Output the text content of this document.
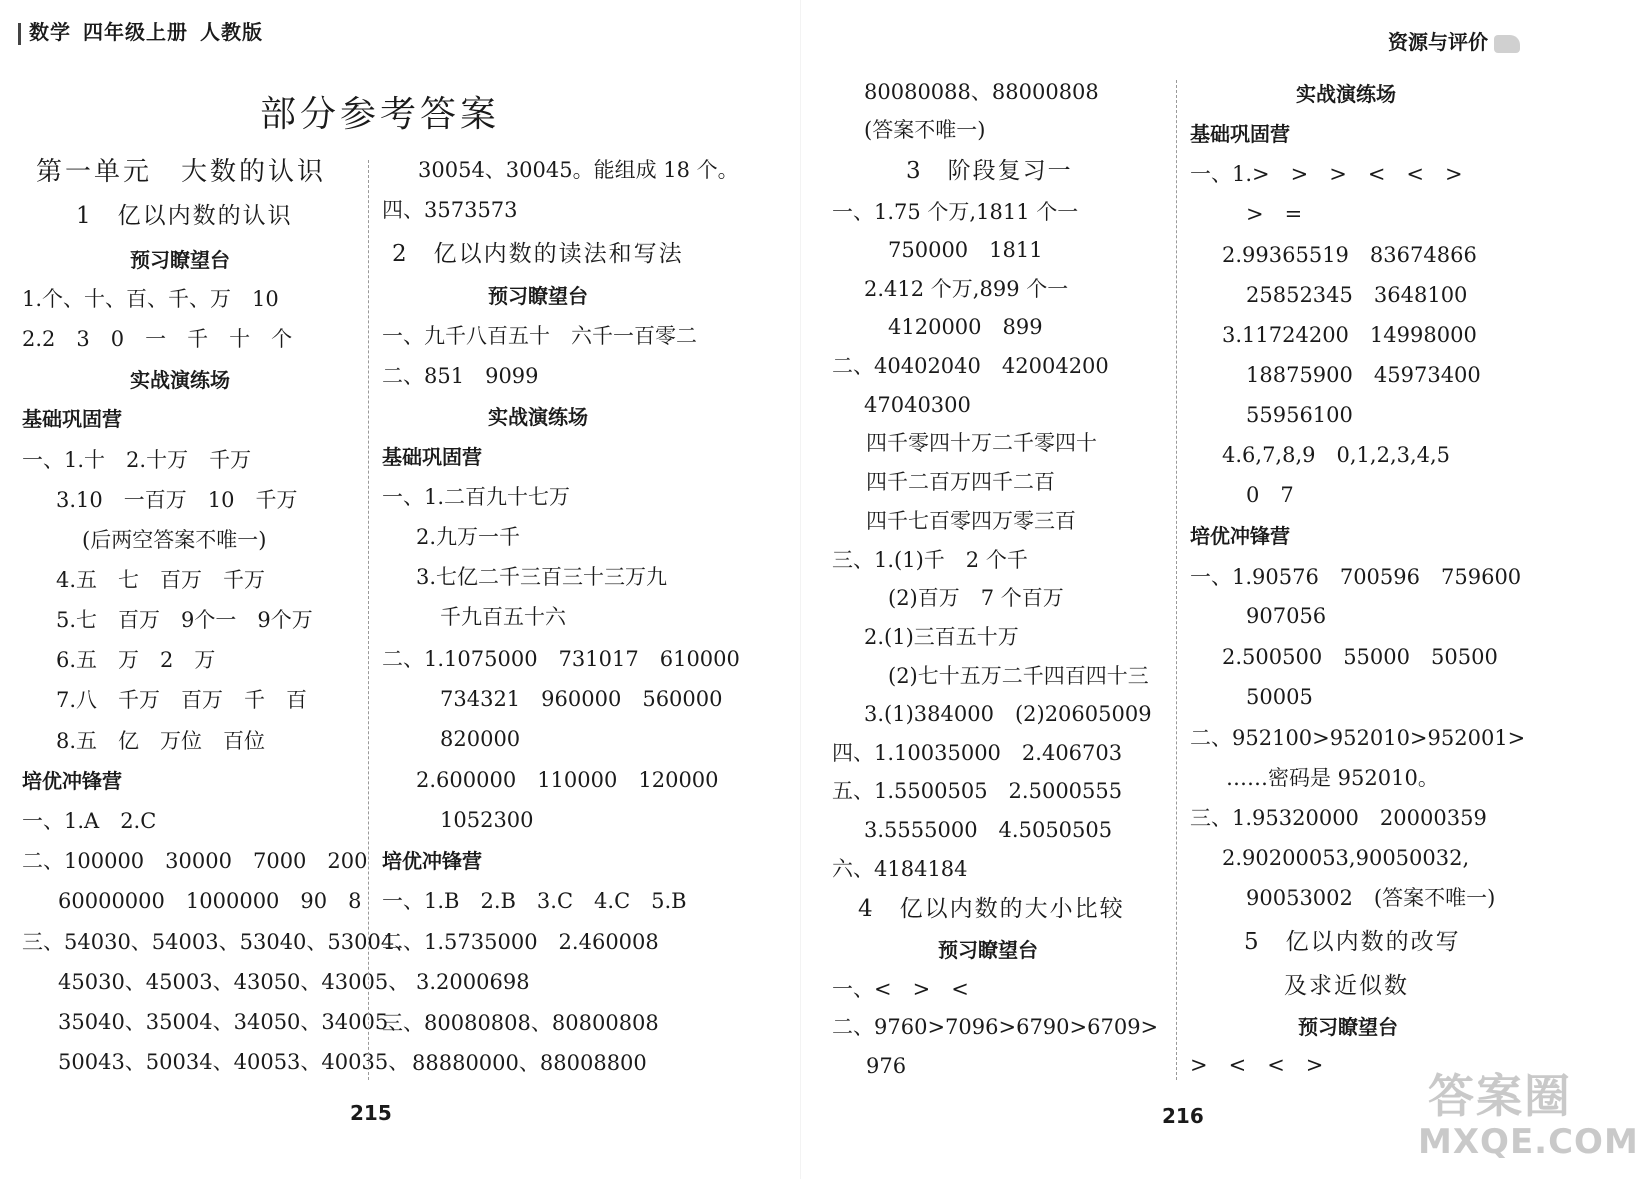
数学 四年级上册 人教版	资源与评价
部分参考答案
第一单元　大数的认识
1　亿以内数的认识
预习瞭望台
1.个、十、百、千、万　10
2.2　3　0　一　千　十　个
实战演练场
基础巩固营
一、1.十　2.十万　千万
3.10　一百万　10　千万
(后两空答案不唯一)
4.五　七　百万　千万
5.七　百万　9个一　9个万
6.五　万　2　万
7.八　千万　百万　千　百
8.五　亿　万位　百位
培优冲锋营
一、1.A　2.C
二、100000　30000　7000　200
60000000　1000000　90　8
三、54030、54003、53040、53004、
45030、45003、43050、43005、
35040、35004、34050、34005、
50043、50034、40053、40035、
30054、30045。能组成 18 个。
四、3573573
2　亿以内数的读法和写法
预习瞭望台
一、九千八百五十　六千一百零二
二、851　9099
实战演练场
基础巩固营
一、1.二百九十七万
2.九万一千
3.七亿二千三百三十三万九
千九百五十六
二、1.1075000　731017　610000
734321　960000　560000
820000
2.600000　110000　120000
1052300
培优冲锋营
一、1.B　2.B　3.C　4.C　5.B
二、1.5735000　2.460008
3.2000698
三、80080808、80800808
88880000、88008800
80080088、88000808
(答案不唯一)
3　阶段复习一
一、1.75 个万,1811 个一
750000　1811
2.412 个万,899 个一
4120000　899
二、40402040　42004200
47040300
四千零四十万二千零四十
四千二百万四千二百
四千七百零四万零三百
三、1.(1)千　2 个千
(2)百万　7 个百万
2.(1)三百五十万
(2)七十五万二千四百四十三
3.(1)384000　(2)20605009
四、1.10035000　2.406703
五、1.5500505　2.5000555
3.5555000　4.5050505
六、4184184
4　亿以内数的大小比较
预习瞭望台
一、<　>　<
二、9760>7096>6790>6709>
976
实战演练场
基础巩固营
一、1.>　>　>　<　<　>
>　=
2.99365519　83674866
25852345　3648100
3.11724200　14998000
18875900　45973400
55956100
4.6,7,8,9　0,1,2,3,4,5
0　7
培优冲锋营
一、1.90576　700596　759600
907056
2.500500　55000　50500
50005
二、952100>952010>952001>
……密码是 952010。
三、1.95320000　20000359
2.90200053,90050032,
90053002　(答案不唯一)
5　亿以内数的改写
及求近似数
预习瞭望台
>　<　<　>
215	216	答案圈
MXQE.COM
